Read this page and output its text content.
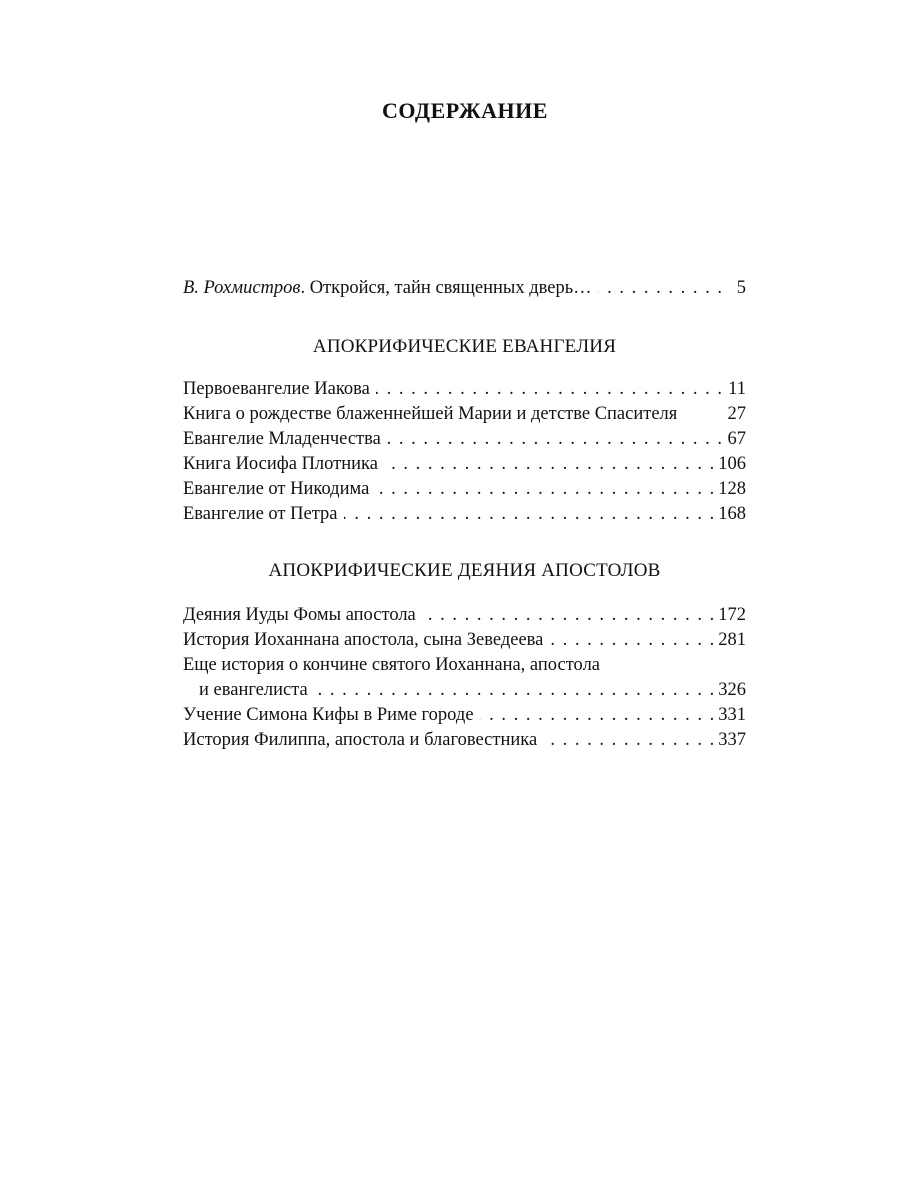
СОДЕРЖАНИЕ
В. Рохмистров. Откройся, тайн священных дверь… . . .	5
АПОКРИФИЧЕСКИЕ ЕВАНГЕЛИЯ
Первоевангелие Иакова . . .	11
Книга о рождестве блаженнейшей Марии и детстве Спасителя	27
Евангелие Младенчества . . .	67
Книга Иосифа Плотника . . .	106
Евангелие от Никодима . . .	128
Евангелие от Петра . . .	168
АПОКРИФИЧЕСКИЕ ДЕЯНИЯ АПОСТОЛОВ
Деяния Иуды Фомы апостола . . .	172
История Иоханнана апостола, сына Зеведеева . . .	281
Еще история о кончине святого Иоханнана, апостола
и евангелиста . . .	326
Учение Симона Кифы в Риме городе . . .	331
История Филиппа, апостола и благовестника . . .	337
